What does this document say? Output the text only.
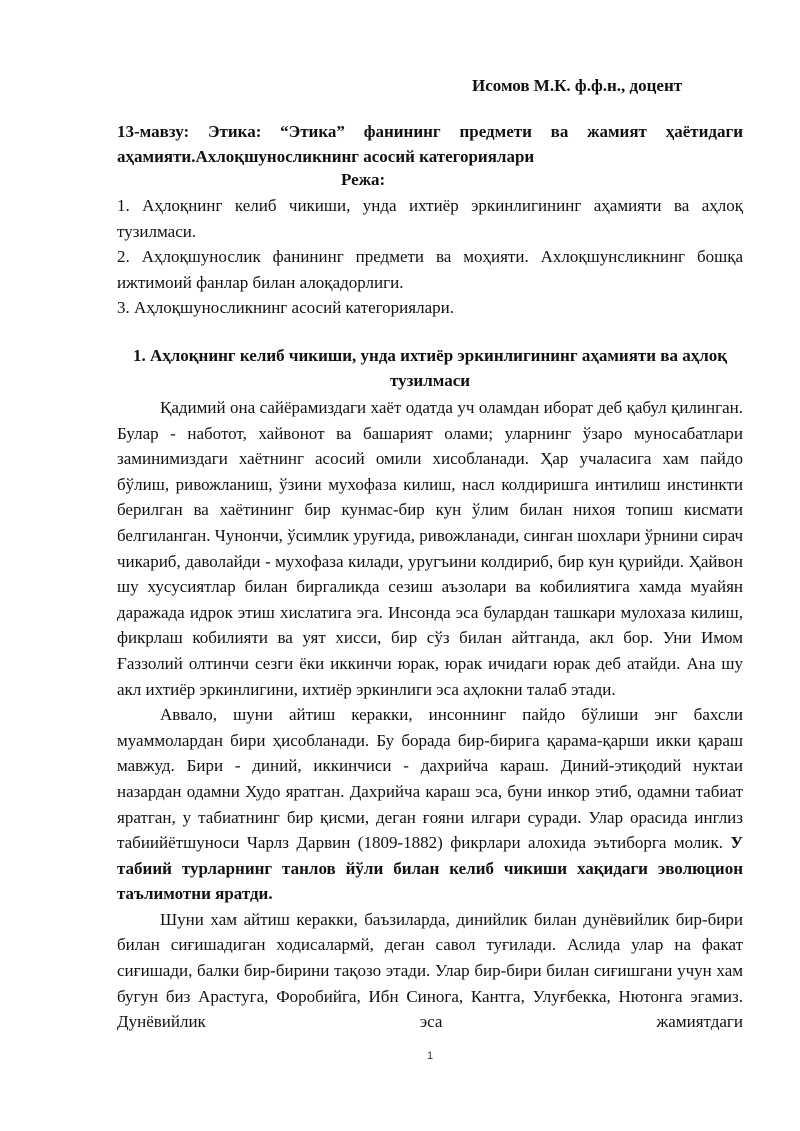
Исомов М.К. ф.ф.н., доцент
13-мавзу: Этика: “Этика” фанининг предмети ва жамият ҳаётидаги аҳамияти.Ахлоқшуносликнинг асосий категориялари
Режа:

1. Аҳлоқнинг келиб чикиши, унда ихтиёр эркинлигининг аҳамияти ва аҳлоқ тузилмаси.

2. Аҳлоқшунослик фанининг предмети ва моҳияти. Ахлоқшунсликнинг бошқа ижтимоий фанлар билан алоқадорлиги.

3. Аҳлоқшуносликнинг асосий категориялари.

1. Аҳлоқнинг келиб чикиши, унда ихтиёр эркинлигининг аҳамияти ва аҳлоқ тузилмаси

Қадимий она сайёрамиздаги хаёт одатда уч оламдан иборат деб қабул қилинган. Булар - наботот, хайвонот ва башарият олами; уларнинг ўзаро муносабатлари заминимиздаги хаётнинг асосий омили хисобланади. Ҳар учаласига хам пайдо бўлиш, ривожланиш, ўзини мухофаза килиш, насл колдиришга интилиш инстинкти берилган ва хаётининг бир кунмас-бир кун ўлим билан нихоя топиш кисмати белгиланган. Чунончи, ўсимлик уруғида, ривожланади, синган шохлари ўрнини сирач чикариб, даволайди - мухофаза килади, уругъини колдириб, бир кун қурийди. Ҳайвон шу хусусиятлар билан биргаликда сезиш аъзолари ва кобилиятига хамда муайян даражада идрок этиш хислатига эга. Инсонда эса булардан ташкари мулохаза килиш, фикрлаш кобилияти ва уят хисси, бир сўз билан айтганда, акл бор. Уни Имом Ғаззолий олтинчи сезги ёки иккинчи юрак, юрак ичидаги юрак деб атайди. Ана шу акл ихтиёр эркинлигини, ихтиёр эркинлиги эса аҳлокни талаб этади.

Аввало, шуни айтиш керакки, инсоннинг пайдо бўлиши энг бахсли муаммолардан бири ҳисобланади. Бу борада бир-бирига қарама-қарши икки қараш мавжуд. Бири - диний, иккинчиси - дахрийча караш. Диний-этиқодий нуктаи назардан одамни Худо яратган. Дахрийча караш эса, буни инкор этиб, одамни табиат яратган, у табиатнинг бир қисми, деган ғояни илгари суради. Улар орасида инглиз табиийётшуноси Чарлз Дарвин (1809-1882) фикрлари алохида эътиборга молик. У табиий турларнинг танлов йўли билан келиб чикиши хақидаги эволюцион таълимотни яратди.

Шуни хам айтиш керакки, баъзиларда, динийлик билан дунёвийлик бир-бири билан сиғишадиган ходисалармй, деган савол туғилади. Аслида улар на факат сиғишади, балки бир-бирини тақозо этади. Улар бир-бири билан сиғишгани учун хам бугун биз Арастуга, Форобийга, Ибн Синога, Кантга, Улуғбекка, Нютонга эгамиз. Дунёвийлик эса жамиятдаги

1
